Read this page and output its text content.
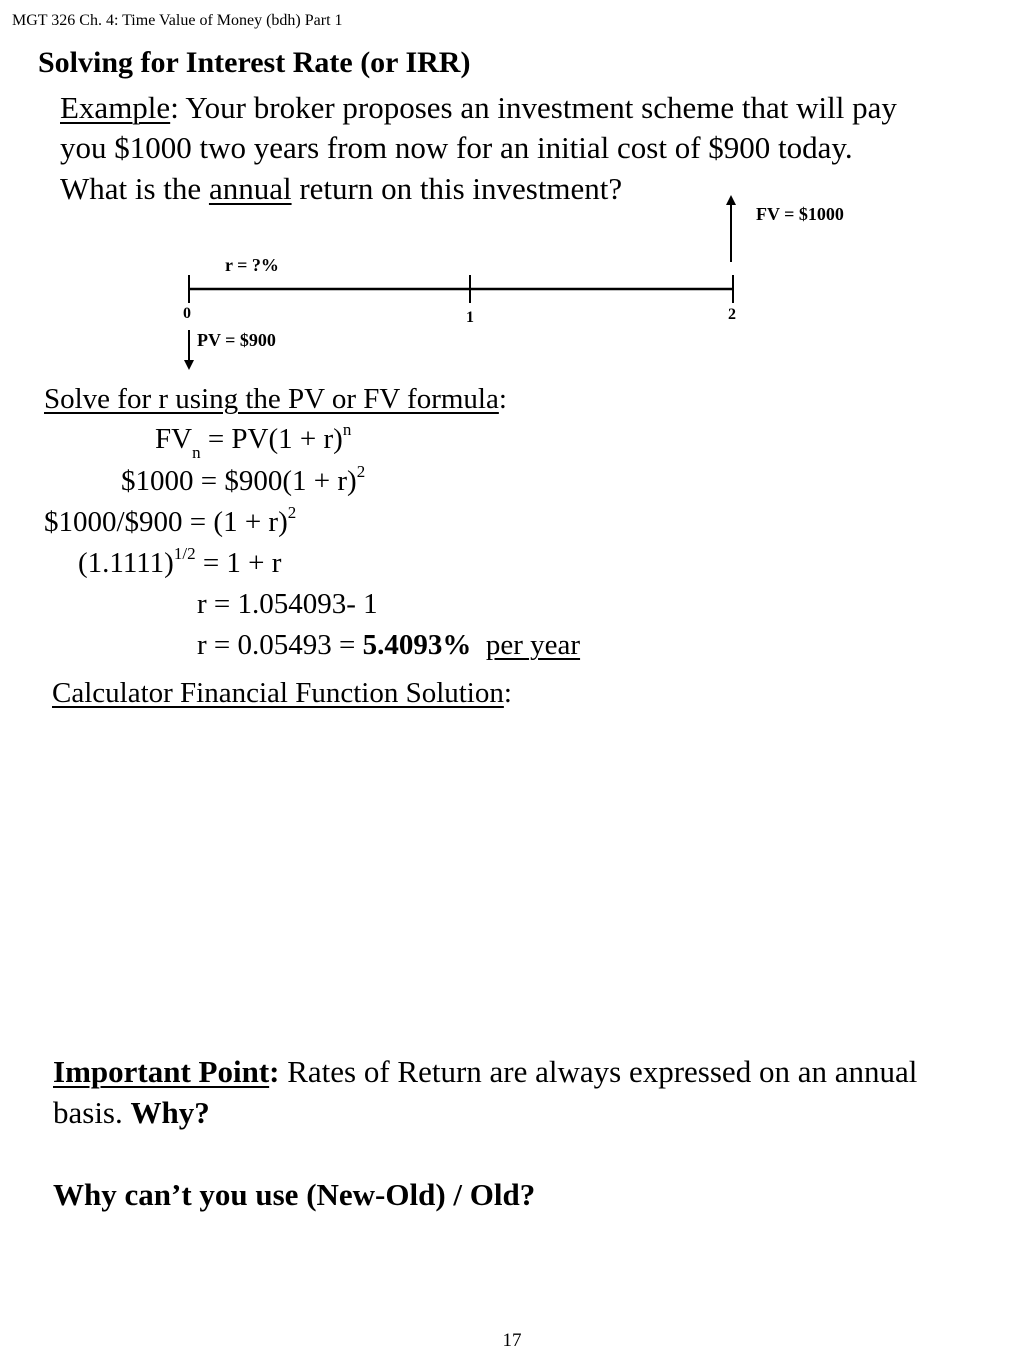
MGT 326 Ch. 4: Time Value of Money (bdh) Part 1
Solving for Interest Rate (or IRR)
Example: Your broker proposes an investment scheme that will pay
you $1000 two years from now for an initial cost of $900 today.
What is the annual return on this investment?
FV = $1000
r = ?%
0	1	2
PV = $900
Solve for r using the PV or FV formula:
$FV_n = PV(1 + r)^n$
$1000 = $900(1 + r)$^2$
$1000/$900 = $(1 + r)^2$
$(1.1111)^{1/2} = 1 + r$
r = 1.054093- 1
r = 0.05493 = 5.4093% per year
Calculator Financial Function Solution:
Important Point: Rates of Return are always expressed on an annual
basis. Why?
Why can’t you use (New-Old) / Old?
17
